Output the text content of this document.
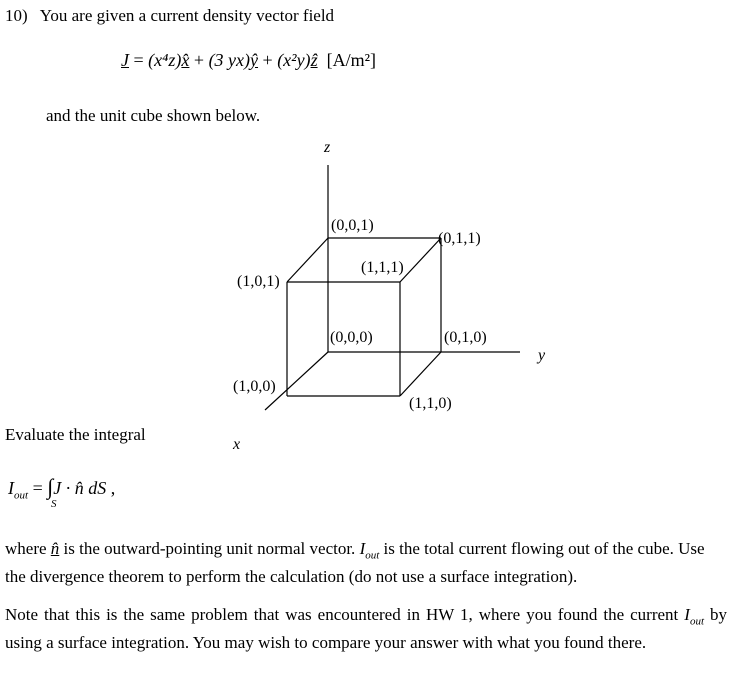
10) You are given a current density vector field
J = (x⁴z)x̂ + (3 yx)ŷ + (x²y)ẑ [A/m²]
and the unit cube shown below.
z
y
x
(0,0,1)
(0,1,1)
(1,1,1)
(1,0,1)
(0,0,0)	(0,1,0)
(1,0,0)
(1,1,0)
Evaluate the integral
$I_{out} = \int J$ · n̂ dS ,
S
where n̂ is the outward-pointing unit normal vector. $I_{out}$ is the total current flowing out of the cube. Use the divergence theorem to perform the calculation (do not use a surface integration).
Note that this is the same problem that was encountered in HW 1, where you found the current $I_{out}$ by using a surface integration. You may wish to compare your answer with what you found there.
